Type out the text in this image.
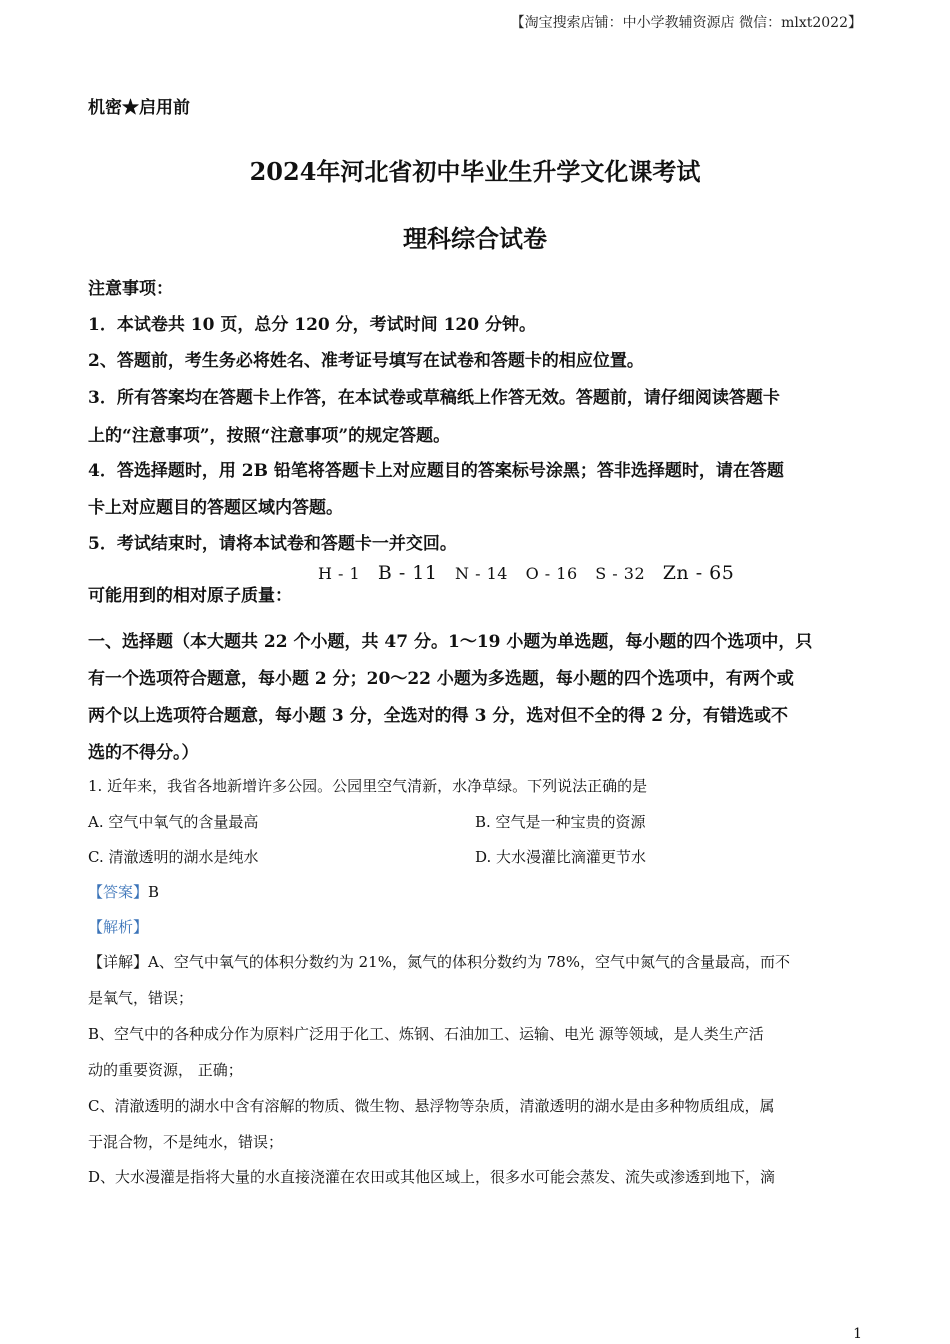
【淘宝搜索店铺：中小学教辅资源店 微信：mlxt2022】
机密★启用前
2024年河北省初中毕业生升学文化课考试
理科综合试卷
注意事项：
1．本试卷共 10 页，总分 120 分，考试时间 120 分钟。
2、答题前，考生务必将姓名、准考证号填写在试卷和答题卡的相应位置。
3．所有答案均在答题卡上作答，在本试卷或草稿纸上作答无效。答题前，请仔细阅读答题卡
上的“注意事项”，按照“注意事项”的规定答题。
4．答选择题时，用 2B 铅笔将答题卡上对应题目的答案标号涂黑；答非选择题时，请在答题
卡上对应题目的答题区域内答题。
5．考试结束时，请将本试卷和答题卡一并交回。
可能用到的相对原子质量：
H - 1 B - 11 N - 14 O - 16 S - 32 Zn - 65
一、选择题（本大题共 22 个小题，共 47 分。1～19 小题为单选题，每小题的四个选项中，只
有一个选项符合题意，每小题 2 分；20～22 小题为多选题，每小题的四个选项中，有两个或
两个以上选项符合题意，每小题 3 分，全选对的得 3 分，选对但不全的得 2 分，有错选或不
选的不得分。）
1. 近年来，我省各地新增许多公园。公园里空气清新，水净草绿。下列说法正确的是
A. 空气中氧气的含量最高	B. 空气是一种宝贵的资源
C. 清澈透明的湖水是纯水	D. 大水漫灌比滴灌更节水
【答案】B
【解析】
【详解】A、空气中氧气的体积分数约为 21%，氮气的体积分数约为 78%，空气中氮气的含量最高，而不
是氧气，错误；
B、空气中的各种成分作为原料广泛用于化工、炼钢、石油加工、运输、电光 源等领域，是人类生产活
动的重要资源， 正确；
C、清澈透明的湖水中含有溶解的物质、微生物、悬浮物等杂质，清澈透明的湖水是由多种物质组成，属
于混合物，不是纯水，错误；
D、大水漫灌是指将大量的水直接浇灌在农田或其他区域上，很多水可能会蒸发、流失或渗透到地下，滴
1
